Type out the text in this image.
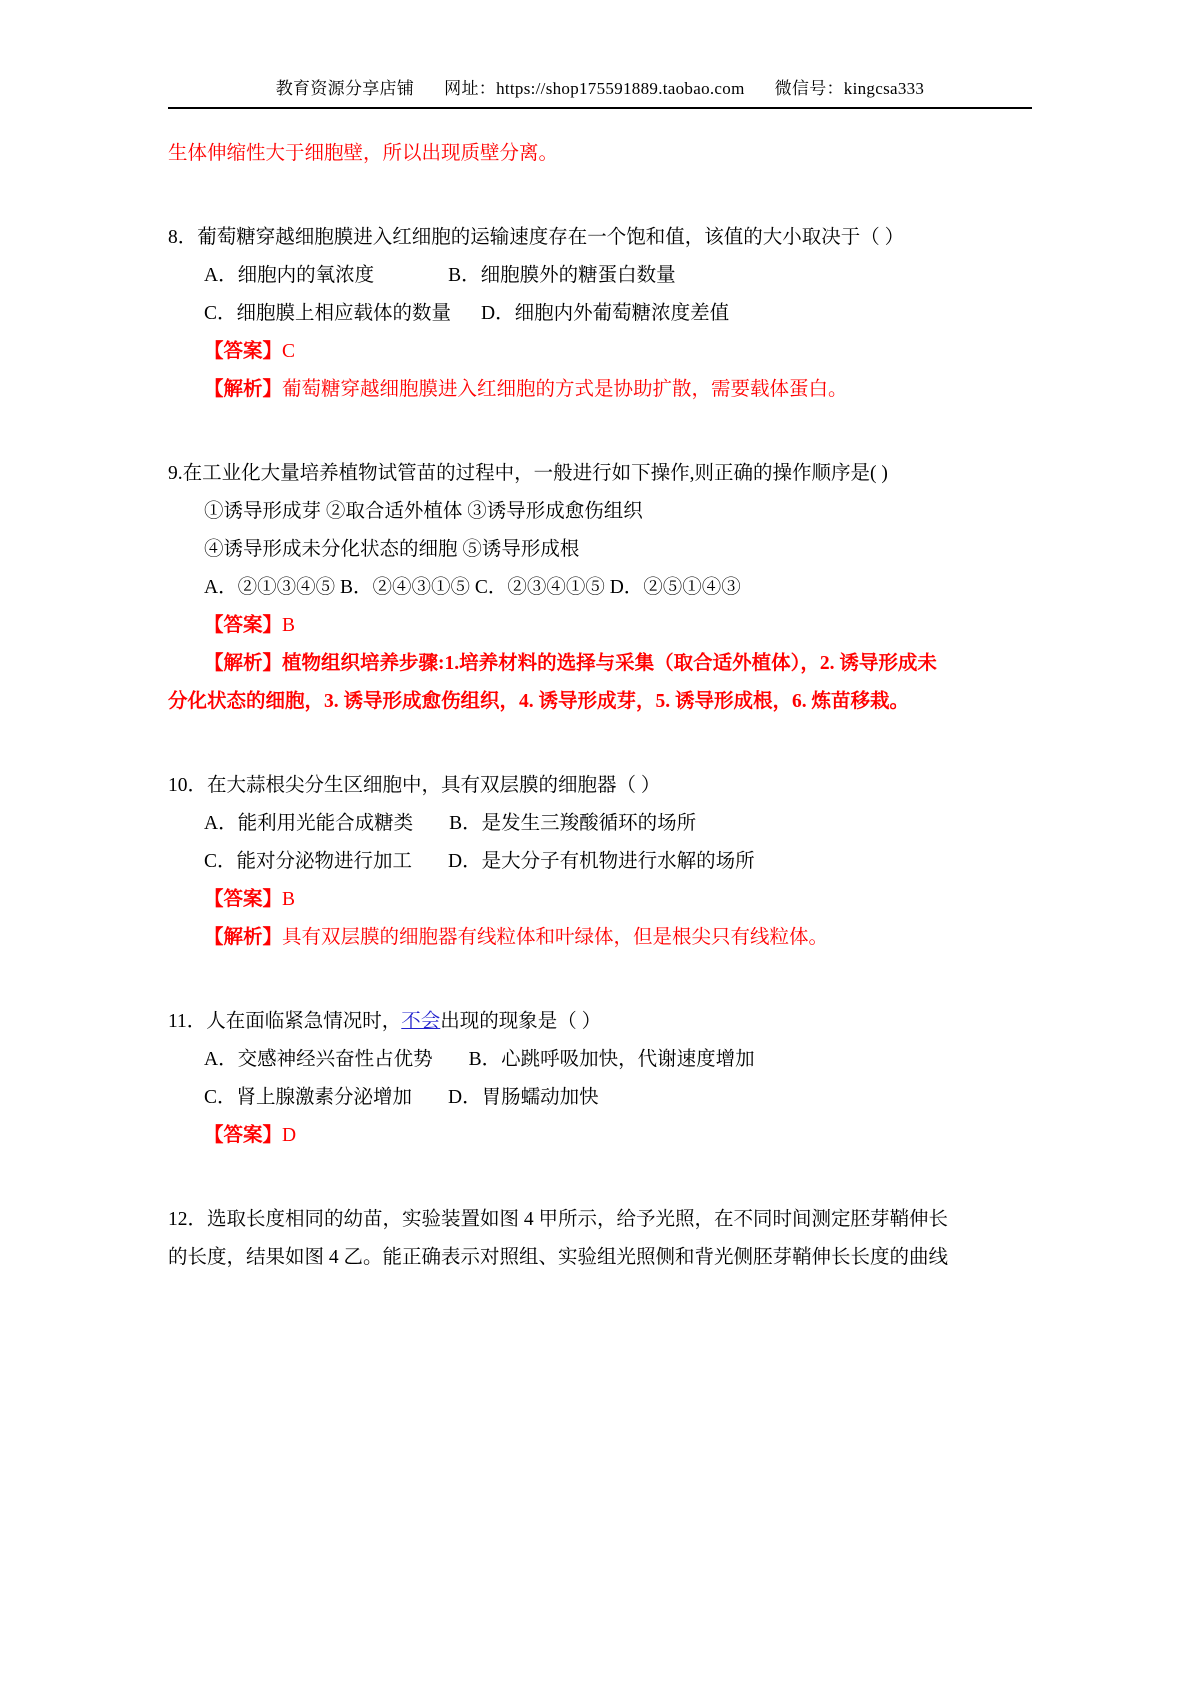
教育资源分享店铺 网址：https://shop175591889.taobao.com 微信号：kingcsa333
生体伸缩性大于细胞壁，所以出现质壁分离。
8．葡萄糖穿越细胞膜进入红细胞的运输速度存在一个饱和值，该值的大小取决于（ ）
A．细胞内的氧浓度	B．细胞膜外的糖蛋白数量
C．细胞膜上相应载体的数量 D．细胞内外葡萄糖浓度差值
【答案】C
【解析】葡萄糖穿越细胞膜进入红细胞的方式是协助扩散，需要载体蛋白。
9.在工业化大量培养植物试管苗的过程中，一般进行如下操作,则正确的操作顺序是( )
①诱导形成芽 ②取合适外植体 ③诱导形成愈伤组织
④诱导形成未分化状态的细胞 ⑤诱导形成根
A．②①③④⑤ B．②④③①⑤ C．②③④①⑤ D．②⑤①④③
【答案】B
【解析】植物组织培养步骤:1.培养材料的选择与采集（取合适外植体），2. 诱导形成未
分化状态的细胞，3. 诱导形成愈伤组织，4. 诱导形成芽，5. 诱导形成根，6. 炼苗移栽。
10．在大蒜根尖分生区细胞中，具有双层膜的细胞器（ ）
A．能利用光能合成糖类 B．是发生三羧酸循环的场所
C．能对分泌物进行加工 D．是大分子有机物进行水解的场所
【答案】B
【解析】具有双层膜的细胞器有线粒体和叶绿体，但是根尖只有线粒体。
11．人在面临紧急情况时，不会出现的现象是（ ）
A．交感神经兴奋性占优势 B．心跳呼吸加快，代谢速度增加
C．肾上腺激素分泌增加 D．胃肠蠕动加快
【答案】D
12．选取长度相同的幼苗，实验装置如图 4 甲所示，给予光照，在不同时间测定胚芽鞘伸长
的长度，结果如图 4 乙。能正确表示对照组、实验组光照侧和背光侧胚芽鞘伸长长度的曲线
